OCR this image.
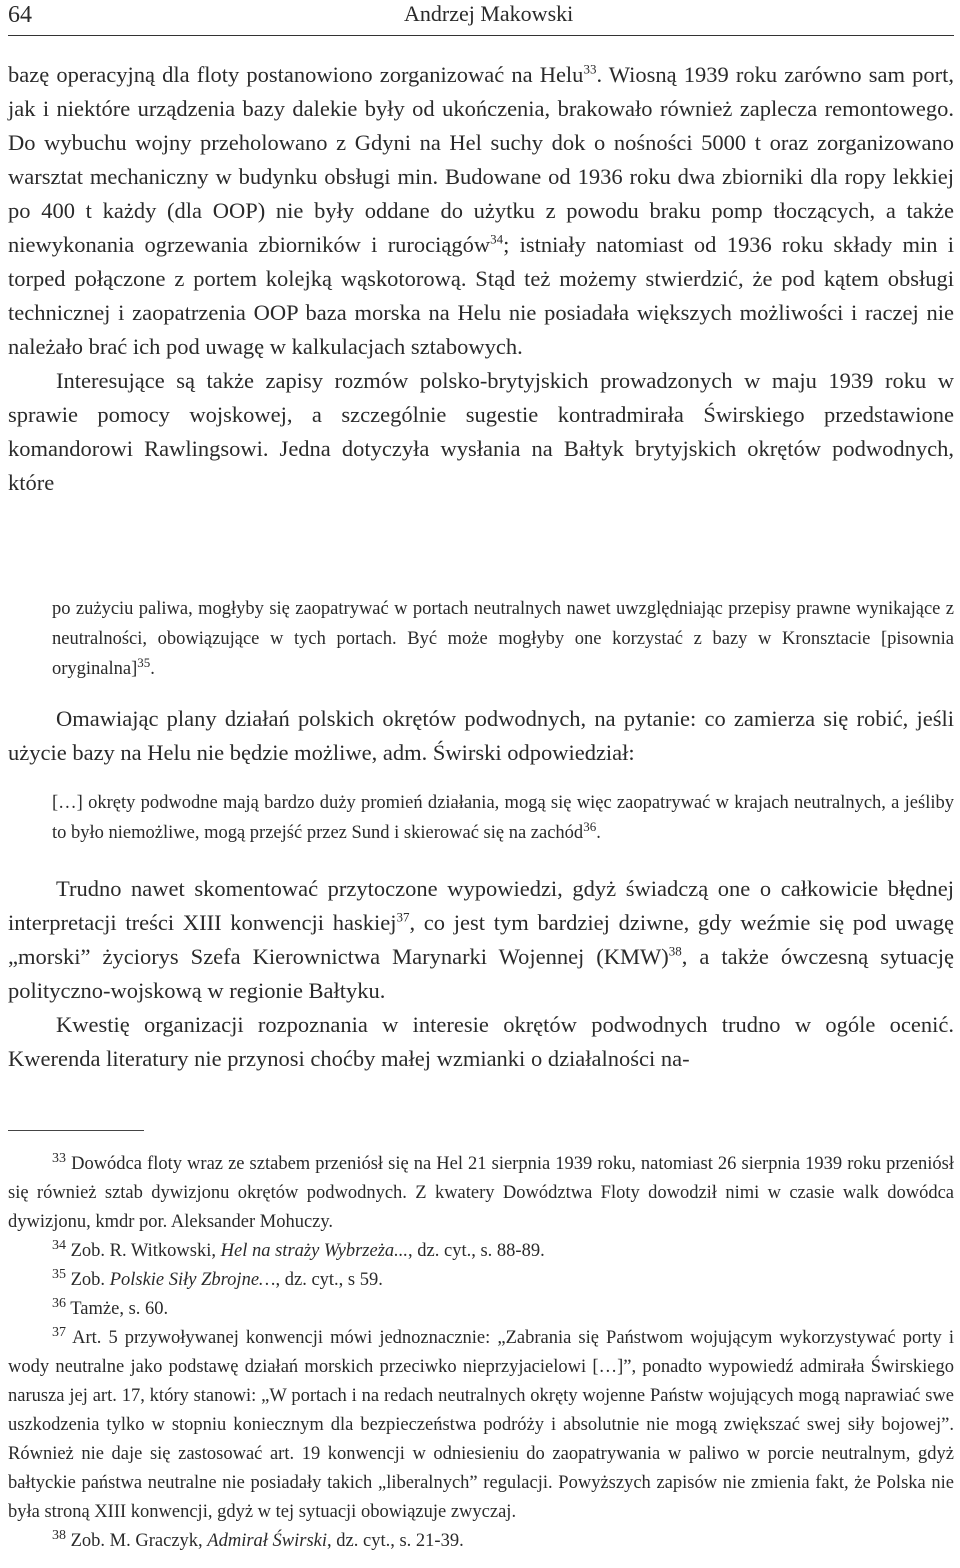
64	Andrzej Makowski

bazę operacyjną dla floty postanowiono zorganizować na Helu$^{33}$. Wiosną 1939 roku zarówno sam port, jak i niektóre urządzenia bazy dalekie były od ukończenia, brakowało również zaplecza remontowego. Do wybuchu wojny przeholowano z Gdyni na Hel suchy dok o nośności 5000 t oraz zorganizowano warsztat mechaniczny w budynku obsługi min. Budowane od 1936 roku dwa zbiorniki dla ropy lekkiej po 400 t każdy (dla OOP) nie były oddane do użytku z powodu braku pomp tłoczących, a także niewykonania ogrzewania zbiorników i rurociągów$^{34}$; istniały natomiast od 1936 roku składy min i torped połączone z portem kolejką wąskotorową. Stąd też możemy stwierdzić, że pod kątem obsługi technicznej i zaopatrzenia OOP baza morska na Helu nie posiadała większych możliwości i raczej nie należało brać ich pod uwagę w kalkulacjach sztabowych.

Interesujące są także zapisy rozmów polsko-brytyjskich prowadzonych w maju 1939 roku w sprawie pomocy wojskowej, a szczególnie sugestie kontradmirała Świrskiego przedstawione komandorowi Rawlingsowi. Jedna dotyczyła wysłania na Bałtyk brytyjskich okrętów podwodnych, które

po zużyciu paliwa, mogłyby się zaopatrywać w portach neutralnych nawet uwzględniając przepisy prawne wynikające z neutralności, obowiązujące w tych portach. Być może mogłyby one korzystać z bazy w Kronsztacie [pisownia oryginalna]$^{35}$.

Omawiając plany działań polskich okrętów podwodnych, na pytanie: co zamierza się robić, jeśli użycie bazy na Helu nie będzie możliwe, adm. Świrski odpowiedział:

[…] okręty podwodne mają bardzo duży promień działania, mogą się więc zaopatrywać w krajach neutralnych, a jeśliby to było niemożliwe, mogą przejść przez Sund i skierować się na zachód$^{36}$.

Trudno nawet skomentować przytoczone wypowiedzi, gdyż świadczą one o całkowicie błędnej interpretacji treści XIII konwencji haskiej$^{37}$, co jest tym bardziej dziwne, gdy weźmie się pod uwagę „morski” życiorys Szefa Kierownictwa Marynarki Wojennej (KMW)$^{38}$, a także ówczesną sytuację polityczno-wojskową w regionie Bałtyku.

Kwestię organizacji rozpoznania w interesie okrętów podwodnych trudno w ogóle ocenić. Kwerenda literatury nie przynosi choćby małej wzmianki o działalności na-

$^{33}$ Dowódca floty wraz ze sztabem przeniósł się na Hel 21 sierpnia 1939 roku, natomiast 26 sierpnia 1939 roku przeniósł się również sztab dywizjonu okrętów podwodnych. Z kwatery Dowództwa Floty dowodził nimi w czasie walk dowódca dywizjonu, kmdr por. Aleksander Mohuczy.

$^{34}$ Zob. R. Witkowski, Hel na straży Wybrzeża..., dz. cyt., s. 88-89.

$^{35}$ Zob. Polskie Siły Zbrojne…, dz. cyt., s 59.

$^{36}$ Tamże, s. 60.

$^{37}$ Art. 5 przywoływanej konwencji mówi jednoznacznie: „Zabrania się Państwom wojującym wykorzystywać porty i wody neutralne jako podstawę działań morskich przeciwko nieprzyjacielowi […]”, ponadto wypowiedź admirała Świrskiego narusza jej art. 17, który stanowi: „W portach i na redach neutralnych okręty wojenne Państw wojujących mogą naprawiać swe uszkodzenia tylko w stopniu koniecznym dla bezpieczeństwa podróży i absolutnie nie mogą zwiększać swej siły bojowej”. Również nie daje się zastosować art. 19 konwencji w odniesieniu do zaopatrywania w paliwo w porcie neutralnym, gdyż bałtyckie państwa neutralne nie posiadały takich „liberalnych” regulacji. Powyższych zapisów nie zmienia fakt, że Polska nie była stroną XIII konwencji, gdyż w tej sytuacji obowiązuje zwyczaj.

$^{38}$ Zob. M. Graczyk, Admirał Świrski, dz. cyt., s. 21-39.
